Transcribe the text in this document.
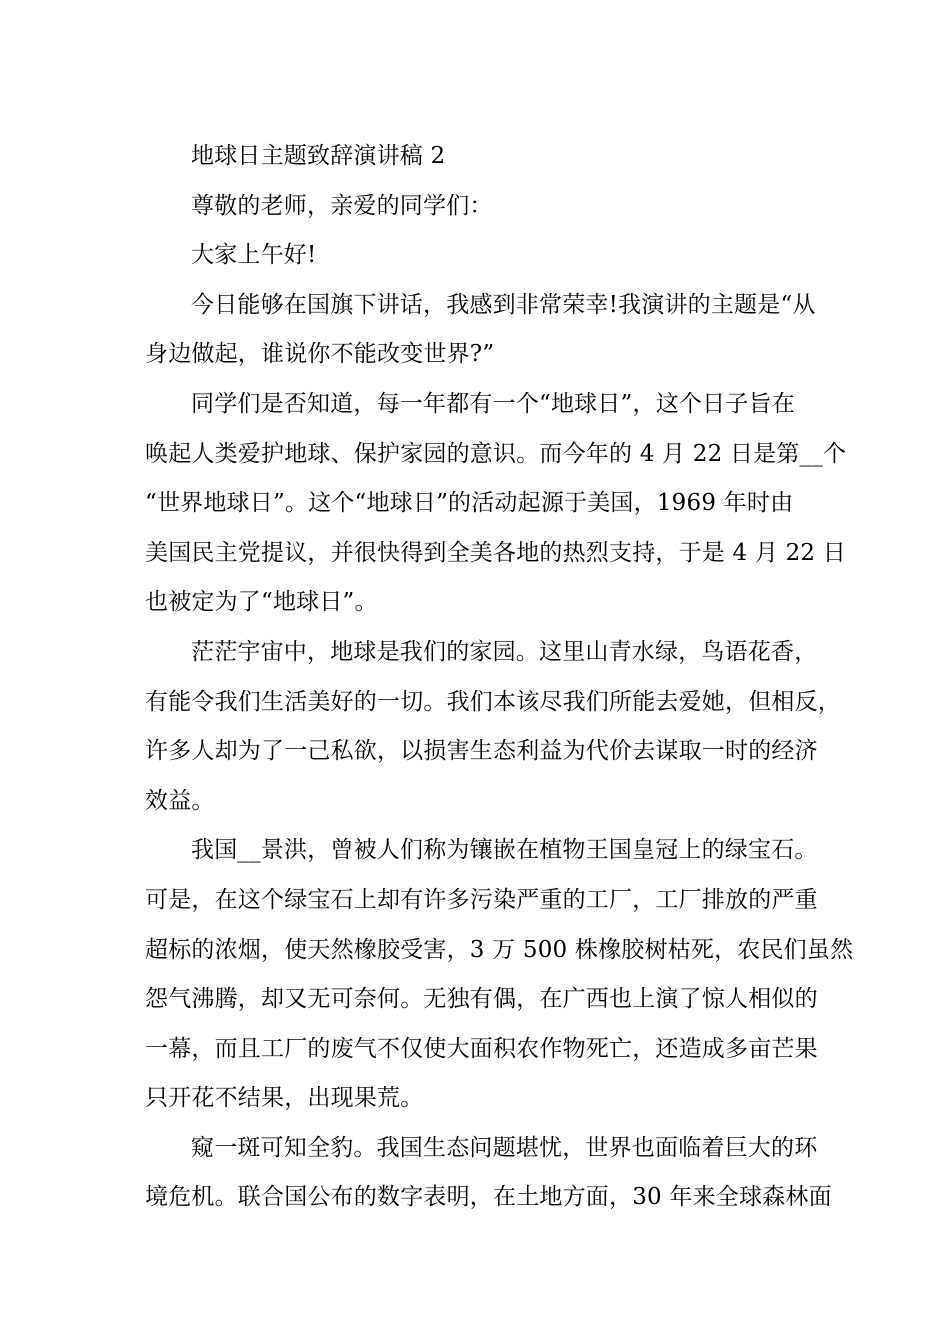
地球日主题致辞演讲稿 2
尊敬的老师，亲爱的同学们：
大家上午好!
今日能够在国旗下讲话，我感到非常荣幸!我演讲的主题是“从
身边做起，谁说你不能改变世界?”
同学们是否知道，每一年都有一个“地球日”，这个日子旨在
唤起人类爱护地球、保护家园的意识。而今年的 4 月 22 日是第__个
“世界地球日”。这个“地球日”的活动起源于美国，1969 年时由
美国民主党提议，并很快得到全美各地的热烈支持，于是 4 月 22 日
也被定为了“地球日”。
茫茫宇宙中，地球是我们的家园。这里山青水绿，鸟语花香，
有能令我们生活美好的一切。我们本该尽我们所能去爱她，但相反，
许多人却为了一己私欲，以损害生态利益为代价去谋取一时的经济
效益。
我国__景洪，曾被人们称为镶嵌在植物王国皇冠上的绿宝石。
可是，在这个绿宝石上却有许多污染严重的工厂，工厂排放的严重
超标的浓烟，使天然橡胶受害，3 万 500 株橡胶树枯死，农民们虽然
怨气沸腾，却又无可奈何。无独有偶，在广西也上演了惊人相似的
一幕，而且工厂的废气不仅使大面积农作物死亡，还造成多亩芒果
只开花不结果，出现果荒。
窥一斑可知全豹。我国生态问题堪忧，世界也面临着巨大的环
境危机。联合国公布的数字表明，在土地方面，30 年来全球森林面
